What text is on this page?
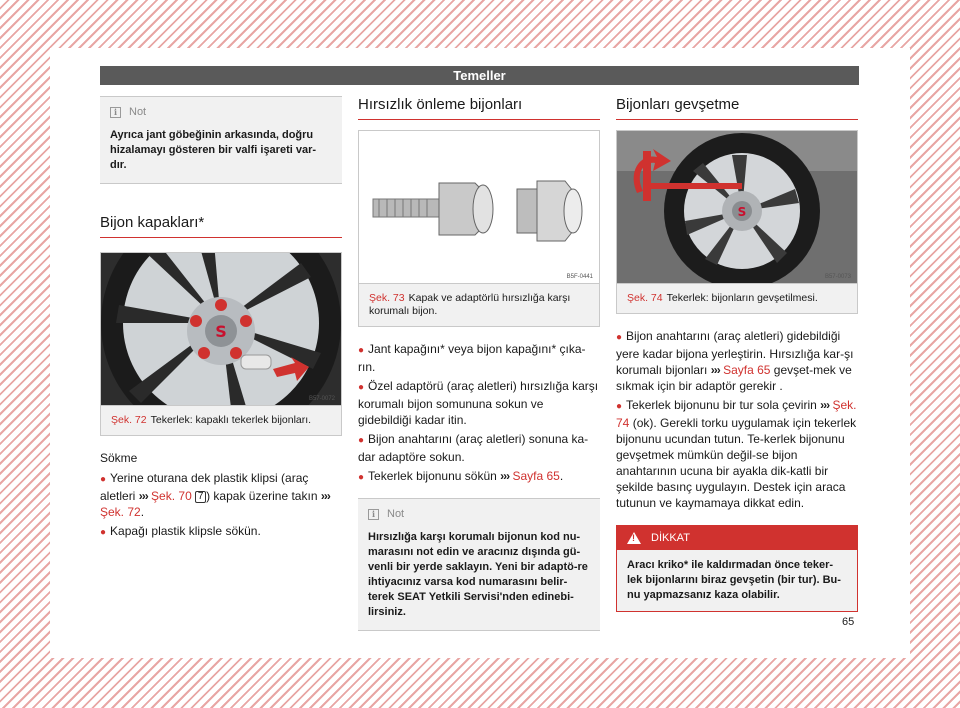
Temeller
i	Not
Ayrıca jant göbeğinin arkasında, doğru hizalamayı gösteren bir valfi işareti var-dır.
Bijon kapakları*
S
B57-0072
Şek. 72 Tekerlek: kapaklı tekerlek bijonları.
Sökme
● Yerine oturana dek plastik klipsi (araç aletleri ››› Şek. 70 7 ) kapak üzerine takın ››› Şek. 72.
● Kapağı plastik klipsle sökün.
Hırsızlık önleme bijonları
B5F-0441
Şek. 73 Kapak ve adaptörlü hırsızlığa karşı korumalı bijon.
● Jant kapağını* veya bijon kapağını* çıka-rın.
● Özel adaptörü (araç aletleri) hırsızlığa karşı korumalı bijon somununa sokun ve gidebildiği kadar itin.
● Bijon anahtarını (araç aletleri) sonuna ka-dar adaptöre sokun.
● Tekerlek bijonunu sökün ››› Sayfa 65.
i	Not
Hırsızlığa karşı korumalı bijonun kod nu-marasını not edin ve aracınız dışında gü-venli bir yerde saklayın. Yeni bir adaptö-re ihtiyacınız varsa kod numarasını belir-terek SEAT Yetkili Servisi'nden edinebi-lirsiniz.
Bijonları gevşetme
S
B57-0073
Şek. 74 Tekerlek: bijonların gevşetilmesi.
● Bijon anahtarını (araç aletleri) gidebildiği yere kadar bijona yerleştirin. Hırsızlığa kar-şı korumalı bijonları ››› Sayfa 65 gevşet-mek ve sıkmak için bir adaptör gerekir .
● Tekerlek bijonunu bir tur sola çevirin ››› Şek. 74 (ok). Gerekli torku uygulamak için tekerlek bijonunu ucundan tutun. Te-kerlek bijonunu gevşetmek mümkün değil-se bijon anahtarının ucuna bir ayakla dik-katli bir şekilde basınç uygulayın. Destek için araca tutunun ve kaymamaya dikkat edin.
!
DİKKAT
Aracı kriko* ile kaldırmadan önce teker-lek bijonlarını biraz gevşetin (bir tur). Bu-nu yapmazsanız kaza olabilir.
65
